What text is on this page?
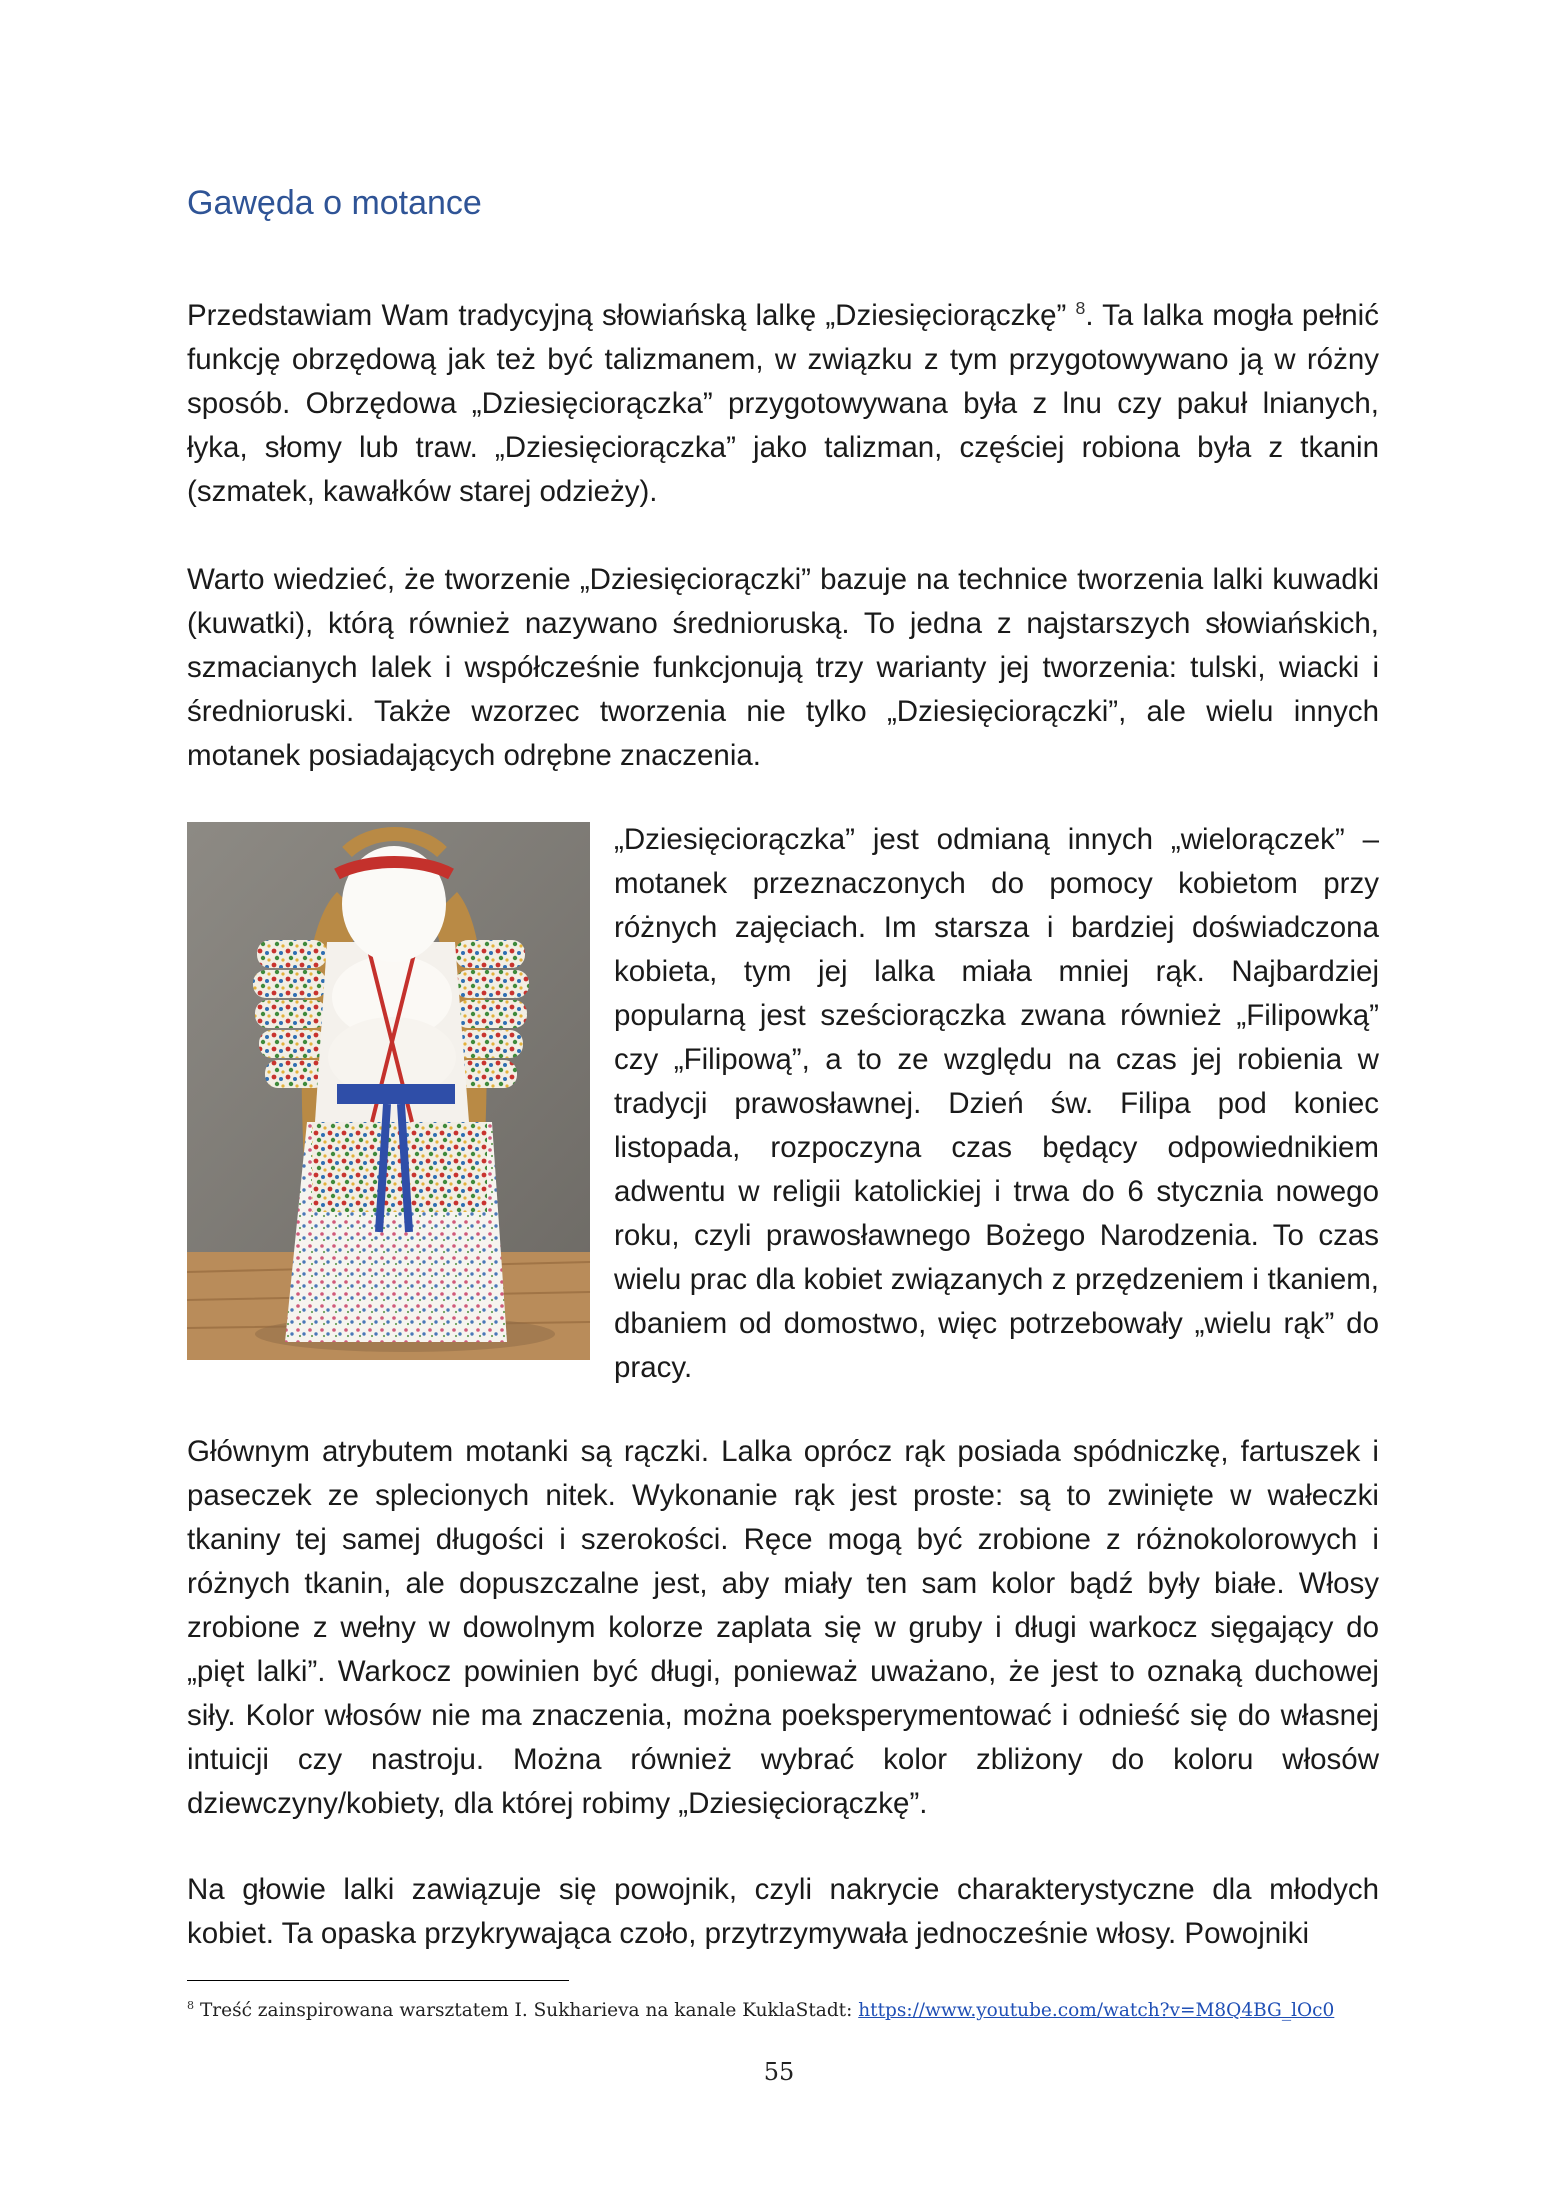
Gawęda o motance

Przedstawiam Wam tradycyjną słowiańską lalkę „Dziesięciorączkę” $^8$. Ta lalka mogła pełnić funkcję obrzędową jak też być talizmanem, w związku z tym przygotowywano ją w różny sposób. Obrzędowa „Dziesięciorączka” przygotowywana była z lnu czy pakuł lnianych, łyka, słomy lub traw. „Dziesięciorączka” jako talizman, częściej robiona była z tkanin (szmatek, kawałków starej odzieży).

Warto wiedzieć, że tworzenie „Dziesięciorączki” bazuje na technice tworzenia lalki kuwadki (kuwatki), którą również nazywano średnioruską. To jedna z najstarszych słowiańskich, szmacianych lalek i współcześnie funkcjonują trzy warianty jej tworzenia: tulski, wiacki i średnioruski. Także wzorzec tworzenia nie tylko „Dziesięciorączki”, ale wielu innych motanek posiadających odrębne znaczenia.

„Dziesięciorączka” jest odmianą innych „wielorączek” – motanek przeznaczonych do pomocy kobietom przy różnych zajęciach. Im starsza i bardziej doświadczona kobieta, tym jej lalka miała mniej rąk. Najbardziej popularną jest sześciorączka zwana również „Filipowką” czy „Filipową”, a to ze względu na czas jej robienia w tradycji prawosławnej. Dzień św. Filipa pod koniec listopada, rozpoczyna czas będący odpowiednikiem adwentu w religii katolickiej i trwa do 6 stycznia nowego roku, czyli prawosławnego Bożego Narodzenia. To czas wielu prac dla kobiet związanych z przędzeniem i tkaniem, dbaniem od domostwo, więc potrzebowały „wielu rąk” do pracy.

Głównym atrybutem motanki są rączki. Lalka oprócz rąk posiada spódniczkę, fartuszek i paseczek ze splecionych nitek. Wykonanie rąk jest proste: są to zwinięte w wałeczki tkaniny tej samej długości i szerokości. Ręce mogą być zrobione z różnokolorowych i różnych tkanin, ale dopuszczalne jest, aby miały ten sam kolor bądź były białe. Włosy zrobione z wełny w dowolnym kolorze zaplata się w gruby i długi warkocz sięgający do „pięt lalki”. Warkocz powinien być długi, ponieważ uważano, że jest to oznaką duchowej siły. Kolor włosów nie ma znaczenia, można poeksperymentować i odnieść się do własnej intuicji czy nastroju. Można również wybrać kolor zbliżony do koloru włosów dziewczyny/kobiety, dla której robimy „Dziesięciorączkę”.

Na głowie lalki zawiązuje się powojnik, czyli nakrycie charakterystyczne dla młodych kobiet. Ta opaska przykrywająca czoło, przytrzymywała jednocześnie włosy. Powojniki

$^8$ Treść zainspirowana warsztatem I. Sukharieva na kanale KuklaStadt: https://www.youtube.com/watch?v=M8Q4BG_lOc0

55
